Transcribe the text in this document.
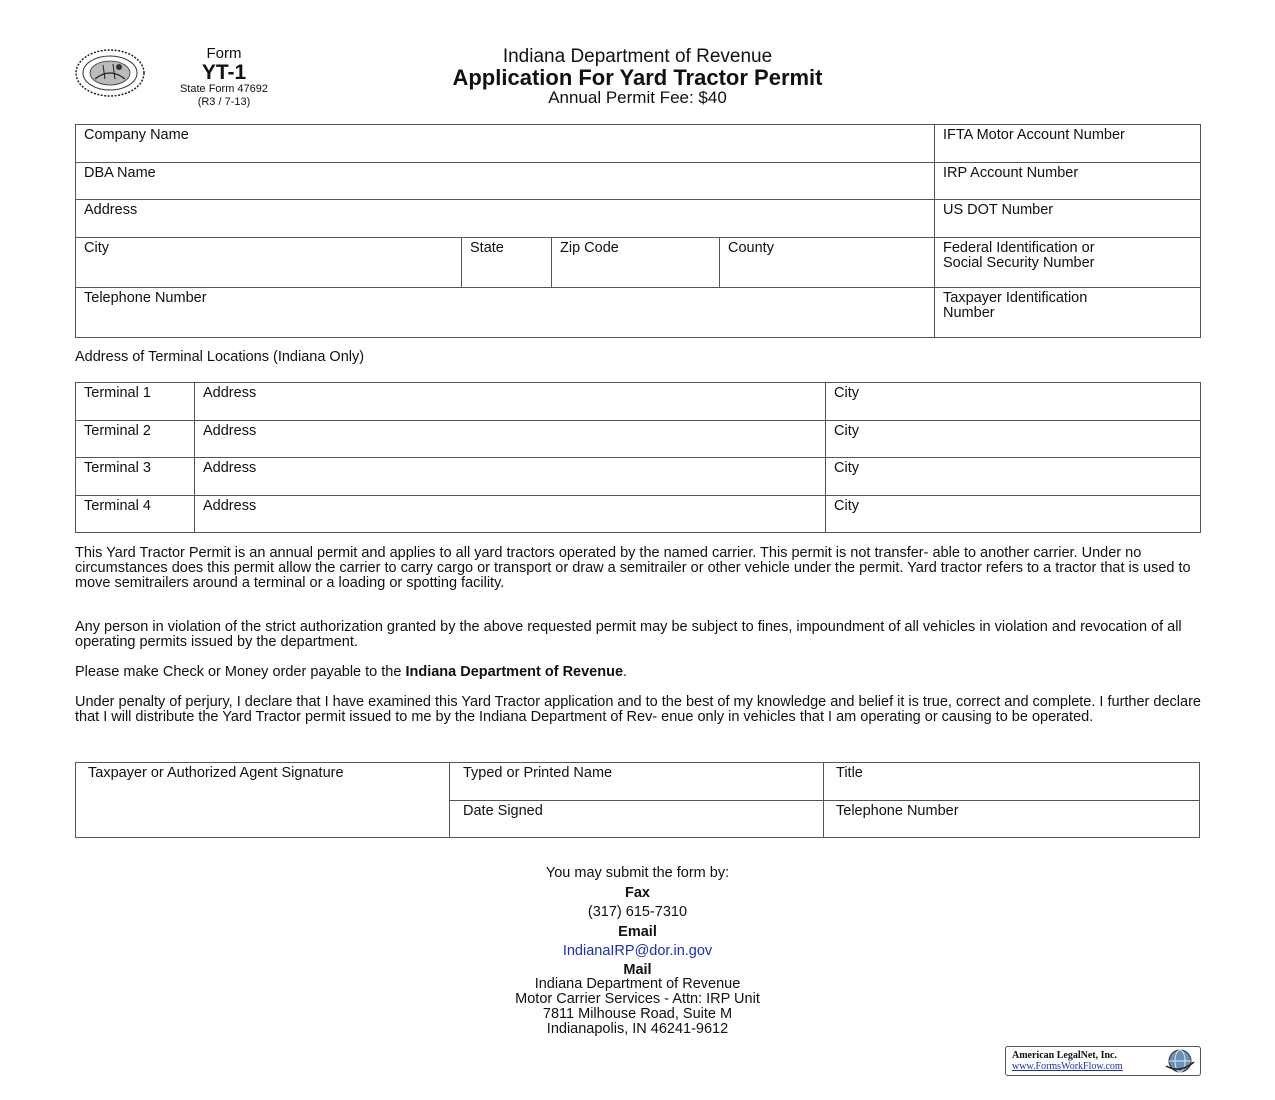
Form
YT-1
State Form 47692
(R3 / 7-13)
Indiana Department of Revenue
Application For Yard Tractor Permit
Annual Permit Fee: $40
Company Name				IFTA Motor Account Number
DBA Name				IRP Account Number
Address				US DOT Number
City	State	Zip Code	County	Federal Identification or
Social Security Number

Telephone Number				Taxpayer Identification
Number
Address of Terminal Locations (Indiana Only)
Terminal 1	Address	City
Terminal 2	Address	City
Terminal 3	Address	City
Terminal 4	Address	City
This Yard Tractor Permit is an annual permit and applies to all yard tractors operated by the named carrier. This permit is not transfer- able to another carrier. Under no circumstances does this permit allow the carrier to carry cargo or transport or draw a semitrailer or other vehicle under the permit. Yard tractor refers to a tractor that is used to move semitrailers around a terminal or a loading or spotting facility.
Any person in violation of the strict authorization granted by the above requested permit may be subject to fines, impoundment of all vehicles in violation and revocation of all operating permits issued by the department.
Please make Check or Money order payable to the Indiana Department of Revenue.
Under penalty of perjury, I declare that I have examined this Yard Tractor application and to the best of my knowledge and belief it is true, correct and complete. I further declare that I will distribute the Yard Tractor permit issued to me by the Indiana Department of Rev- enue only in vehicles that I am operating or causing to be operated.
Taxpayer or Authorized Agent Signature	Typed or Printed Name	Title
	Date Signed	Telephone Number
You may submit the form by:
Fax
(317) 615-7310
Email
IndianaIRP@dor.in.gov
Mail
Indiana Department of Revenue
Motor Carrier Services - Attn: IRP Unit
7811 Milhouse Road, Suite M
Indianapolis, IN 46241-9612
American LegalNet, Inc.
www.FormsWorkFlow.com
